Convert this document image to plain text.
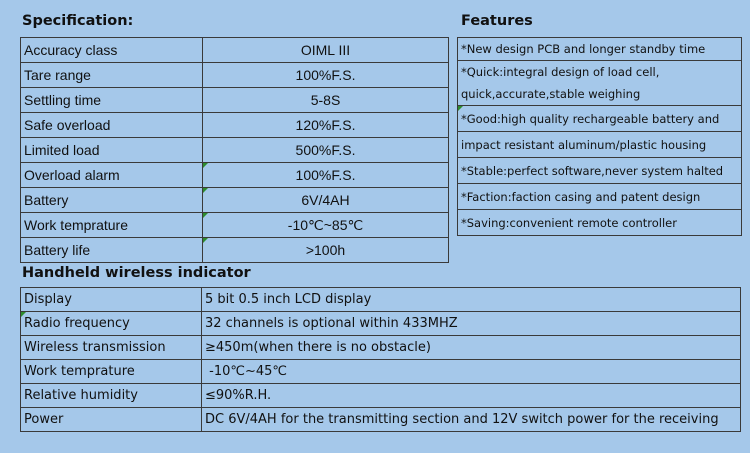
Specification:	Features
Handheld wireless indicator
Accuracy class	OIML III
Tare range	100%F.S.
Settling time	5-8S
Safe overload	120%F.S.
Limited load	500%F.S.
Overload alarm	100%F.S.
Battery	6V/4AH
Work temprature	-10℃~85℃
Battery life	>100h
*New design PCB and longer standby time

*Quick:integral design of load cell,
quick,accurate,stable weighing

*Good:high quality rechargeable battery and

impact resistant aluminum/plastic housing

*Stable:perfect software,never system halted

*Faction:faction casing and patent design

*Saving:convenient remote controller
Display	5 bit 0.5 inch LCD display
Radio frequency	32 channels is optional within 433MHZ
Wireless transmission	≥450m(when there is no obstacle)
Work temprature	-10℃~45℃
Relative humidity	≤90%R.H.
Power	DC 6V/4AH for the transmitting section and 12V switch power for the receiving
